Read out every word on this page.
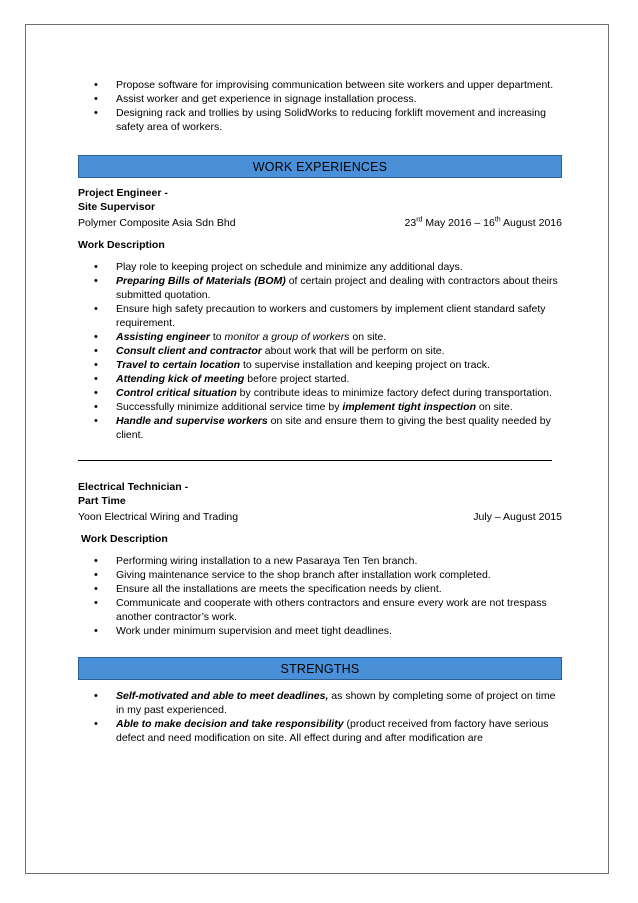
• Propose software for improvising communication between site workers and upper department.
• Assist worker and get experience in signage installation process.
• Designing rack and trollies by using SolidWorks to reducing forklift movement and increasing safety area of workers.
WORK EXPERIENCES
Project Engineer -
Site Supervisor
Polymer Composite Asia Sdn Bhd	23rd May 2016 – 16th August 2016
Work Description
• Play role to keeping project on schedule and minimize any additional days.
• Preparing Bills of Materials (BOM) of certain project and dealing with contractors about theirs submitted quotation.
• Ensure high safety precaution to workers and customers by implement client standard safety requirement.
• Assisting engineer to monitor a group of workers on site.
• Consult client and contractor about work that will be perform on site.
• Travel to certain location to supervise installation and keeping project on track.
• Attending kick of meeting before project started.
• Control critical situation by contribute ideas to minimize factory defect during transportation.
• Successfully minimize additional service time by implement tight inspection on site.
• Handle and supervise workers on site and ensure them to giving the best quality needed by client.
Electrical Technician -
Part Time
Yoon Electrical Wiring and Trading	July – August 2015
Work Description
• Performing wiring installation to a new Pasaraya Ten Ten branch.
• Giving maintenance service to the shop branch after installation work completed.
• Ensure all the installations are meets the specification needs by client.
• Communicate and cooperate with others contractors and ensure every work are not trespass another contractor’s work.
• Work under minimum supervision and meet tight deadlines.
STRENGTHS
• Self-motivated and able to meet deadlines, as shown by completing some of project on time in my past experienced.
• Able to make decision and take responsibility (product received from factory have serious defect and need modification on site. All effect during and after modification are
